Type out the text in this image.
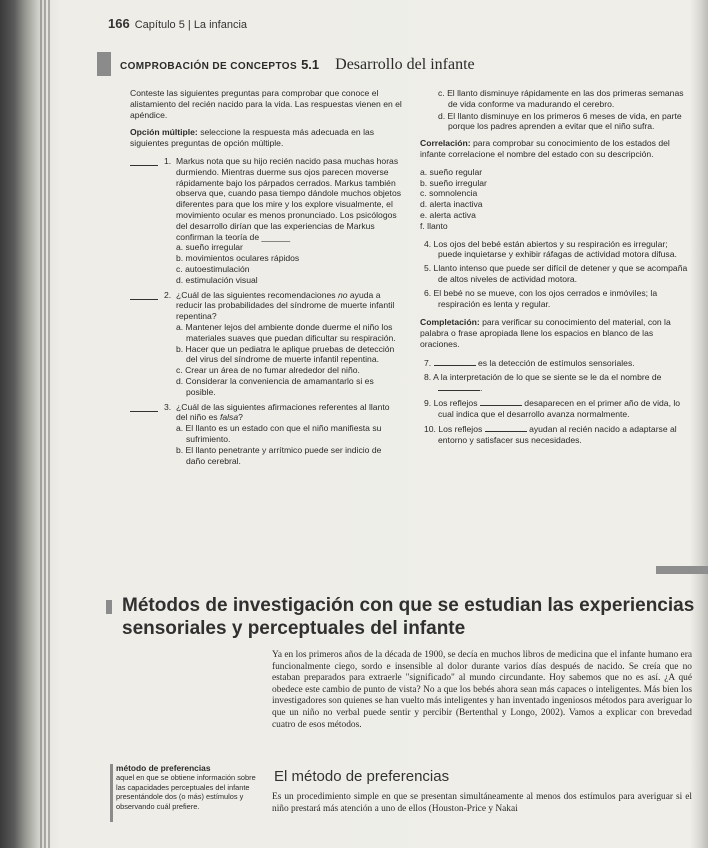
166 Capítulo 5 | La infancia
COMPROBACIÓN DE CONCEPTOS 5.1 Desarrollo del infante
Conteste las siguientes preguntas para comprobar que conoce el alistamiento del recién nacido para la vida. Las respuestas vienen en el apéndice.
Opción múltiple: seleccione la respuesta más adecuada en las siguientes preguntas de opción múltiple.
1. Markus nota que su hijo recién nacido pasa muchas horas durmiendo. Mientras duerme sus ojos parecen moverse rápidamente bajo los párpados cerrados. Markus también observa que, cuando pasa tiempo dándole muchos objetos diferentes para que los mire y los explore visualmente, el movimiento ocular es menos pronunciado. Los psicólogos del desarrollo dirían que las experiencias de Markus confirman la teoría de ______
a. sueño irregular
b. movimientos oculares rápidos
c. autoestimulación
d. estimulación visual
2. ¿Cuál de las siguientes recomendaciones no ayuda a reducir las probabilidades del síndrome de muerte infantil repentina?
a. Mantener lejos del ambiente donde duerme el niño los materiales suaves que puedan dificultar su respiración.
b. Hacer que un pediatra le aplique pruebas de detección del virus del síndrome de muerte infantil repentina.
c. Crear un área de no fumar alrededor del niño.
d. Considerar la conveniencia de amamantarlo si es posible.
3. ¿Cuál de las siguientes afirmaciones referentes al llanto del niño es falsa?
a. El llanto es un estado con que el niño manifiesta su sufrimiento.
b. El llanto penetrante y arrítmico puede ser indicio de daño cerebral.
c. El llanto disminuye rápidamente en las dos primeras semanas de vida conforme va madurando el cerebro.
d. El llanto disminuye en los primeros 6 meses de vida, en parte porque los padres aprenden a evitar que el niño sufra.
Correlación: para comprobar su conocimiento de los estados del infante correlacione el nombre del estado con su descripción.
a. sueño regular
b. sueño irregular
c. somnolencia
d. alerta inactiva
e. alerta activa
f. llanto
4. Los ojos del bebé están abiertos y su respiración es irregular; puede inquietarse y exhibir ráfagas de actividad motora difusa.
5. Llanto intenso que puede ser difícil de detener y que se acompaña de altos niveles de actividad motora.
6. El bebé no se mueve, con los ojos cerrados e inmóviles; la respiración es lenta y regular.
Completación: para verificar su conocimiento del material, con la palabra o frase apropiada llene los espacios en blanco de las oraciones.
7.	es la detección de estímulos sensoriales.
8. A la interpretación de lo que se siente se le da el nombre de .
9. Los reflejos	desaparecen en el primer año de vida, lo cual indica que el desarrollo avanza normalmente.
10. Los reflejos	ayudan al recién nacido a adaptarse al entorno y satisfacer sus necesidades.
Métodos de investigación con que se estudian las experiencias sensoriales y perceptuales del infante
Ya en los primeros años de la década de 1900, se decía en muchos libros de medicina que el infante humano era funcionalmente ciego, sordo e insensible al dolor durante varios días después de nacido. Se creía que no estaban preparados para extraerle "significado" al mundo circundante. Hoy sabemos que no es así. ¿A qué obedece este cambio de punto de vista? No a que los bebés ahora sean más capaces o inteligentes. Más bien los investigadores son quienes se han vuelto más inteligentes y han inventado ingeniosos métodos para averiguar lo que un niño no verbal puede sentir y percibir (Bertenthal y Longo, 2002). Vamos a explicar con brevedad cuatro de esos métodos.
método de preferencias
aquel en que se obtiene información sobre las capacidades perceptuales del infante presentándole dos (o más) estímulos y observando cuál prefiere.
El método de preferencias
Es un procedimiento simple en que se presentan simultáneamente al menos dos estímulos para averiguar si el niño prestará más atención a uno de ellos (Houston-Price y Nakai
